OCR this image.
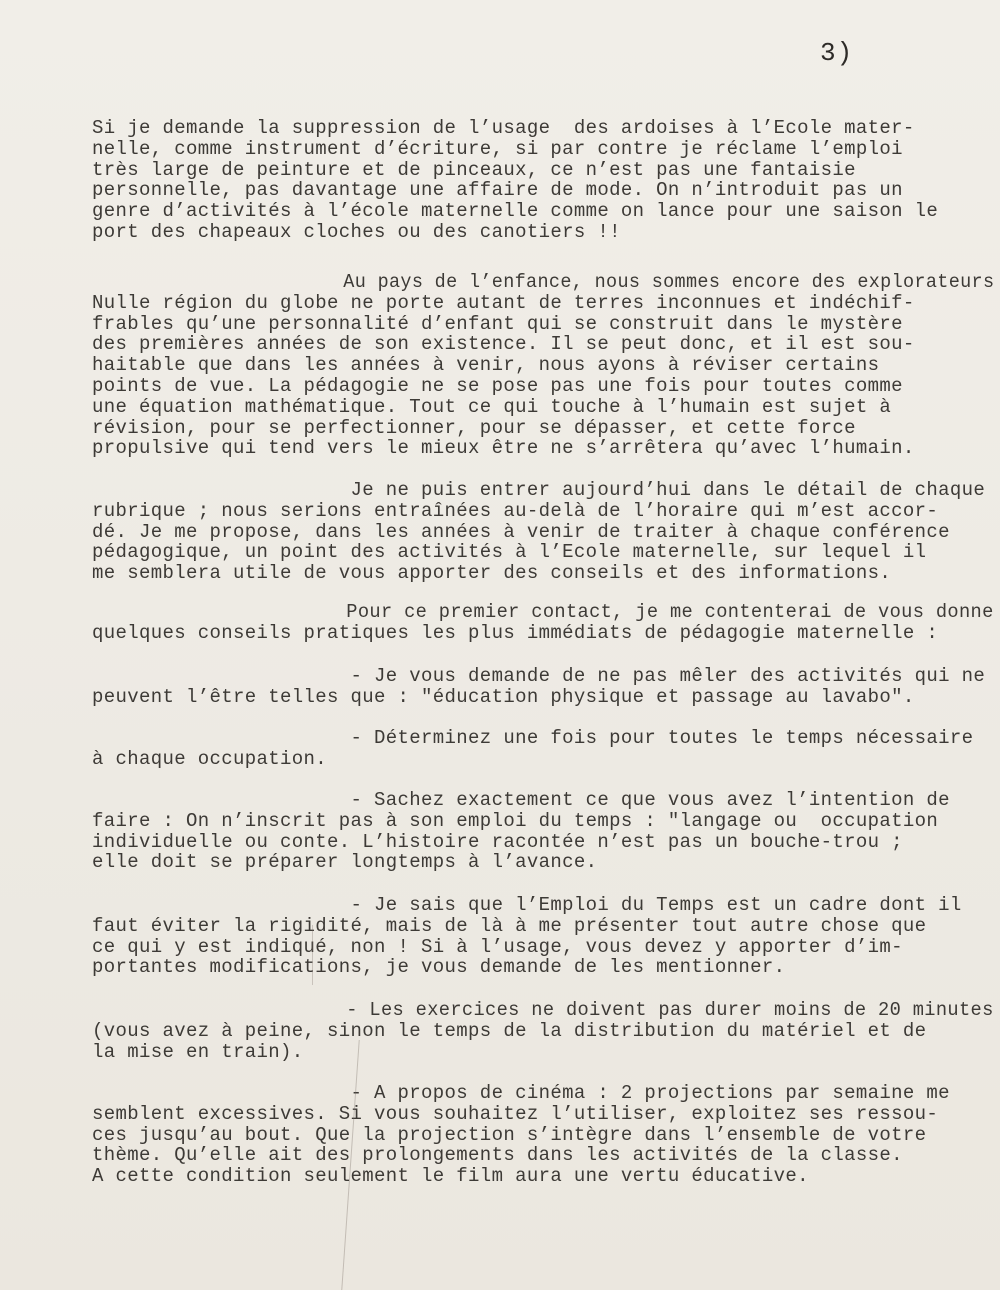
3)
Si je demande la suppression de l’usage  des ardoises à l’Ecole mater-
nelle, comme instrument d’écriture, si par contre je réclame l’emploi
très large de peinture et de pinceaux, ce n’est pas une fantaisie
personnelle, pas davantage une affaire de mode. On n’introduit pas un
genre d’activités à l’école maternelle comme on lance pour une saison le
port des chapeaux cloches ou des canotiers !!
Au pays de l’enfance, nous sommes encore des explorateurs
Nulle région du globe ne porte autant de terres inconnues et indéchif-
frables qu’une personnalité d’enfant qui se construit dans le mystère
des premières années de son existence. Il se peut donc, et il est sou-
haitable que dans les années à venir, nous ayons à réviser certains
points de vue. La pédagogie ne se pose pas une fois pour toutes comme
une équation mathématique. Tout ce qui touche à l’humain est sujet à
révision, pour se perfectionner, pour se dépasser, et cette force
propulsive qui tend vers le mieux être ne s’arrêtera qu’avec l’humain.
Je ne puis entrer aujourd’hui dans le détail de chaque
rubrique ; nous serions entraînées au-delà de l’horaire qui m’est accor-
dé. Je me propose, dans les années à venir de traiter à chaque conférence
pédagogique, un point des activités à l’Ecole maternelle, sur lequel il
me semblera utile de vous apporter des conseils et des informations.
Pour ce premier contact, je me contenterai de vous donne
quelques conseils pratiques les plus immédiats de pédagogie maternelle :
- Je vous demande de ne pas mêler des activités qui ne
peuvent l’être telles que : "éducation physique et passage au lavabo".
- Déterminez une fois pour toutes le temps nécessaire
à chaque occupation.
- Sachez exactement ce que vous avez l’intention de
faire : On n’inscrit pas à son emploi du temps : "langage ou  occupation
individuelle ou conte. L’histoire racontée n’est pas un bouche-trou ;
elle doit se préparer longtemps à l’avance.
- Je sais que l’Emploi du Temps est un cadre dont il
faut éviter la rigidité, mais de là à me présenter tout autre chose que
ce qui y est indiqué, non ! Si à l’usage, vous devez y apporter d’im-
portantes modifications, je vous demande de les mentionner.
- Les exercices ne doivent pas durer moins de 20 minutes
(vous avez à peine, sinon le temps de la distribution du matériel et de
la mise en train).
- A propos de cinéma : 2 projections par semaine me
semblent excessives. Si vous souhaitez l’utiliser, exploitez ses ressou-
ces jusqu’au bout. Que la projection s’intègre dans l’ensemble de votre
thème. Qu’elle ait des prolongements dans les activités de la classe.
A cette condition seulement le film aura une vertu éducative.
